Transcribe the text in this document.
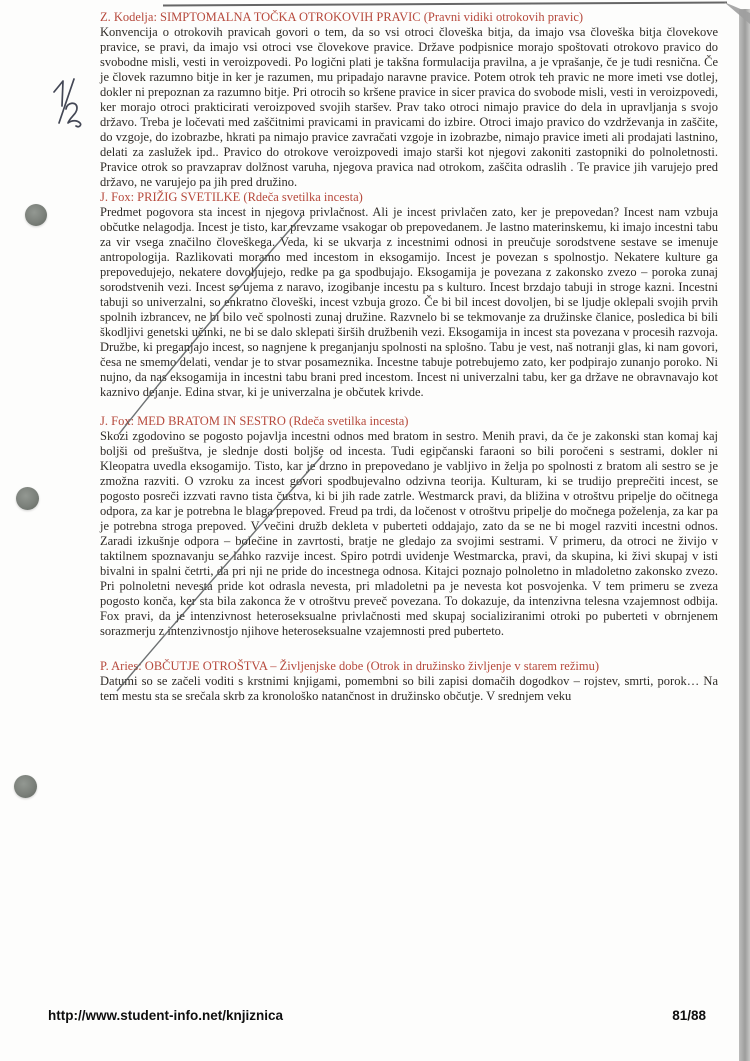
Z. Kodelja: SIMPTOMALNA TOČKA OTROKOVIH PRAVIC (Pravni vidiki otrokovih pravic)

Konvencija o otrokovih pravicah govori o tem, da so vsi otroci človeška bitja, da imajo vsa človeška bitja človekove pravice, se pravi, da imajo vsi otroci vse človekove pravice. Države podpisnice morajo spoštovati otrokovo pravico do svobodne misli, vesti in veroizpovedi. Po logični plati je takšna formulacija pravilna, a je vprašanje, če je tudi resnična. Če je človek razumno bitje in ker je razumen, mu pripadajo naravne pravice. Potem otrok teh pravic ne more imeti vse dotlej, dokler ni prepoznan za razumno bitje. Pri otrocih so kršene pravice in sicer pravica do svobode misli, vesti in veroizpovedi, ker morajo otroci prakticirati veroizpoved svojih staršev. Prav tako otroci nimajo pravice do dela in upravljanja s svojo državo. Treba je ločevati med zaščitnimi pravicami in pravicami do izbire. Otroci imajo pravico do vzdrževanja in zaščite, do vzgoje, do izobrazbe, hkrati pa nimajo pravice zavračati vzgoje in izobrazbe, nimajo pravice imeti ali prodajati lastnino, delati za zaslužek ipd.. Pravico do otrokove veroizpovedi imajo starši kot njegovi zakoniti zastopniki do polnoletnosti. Pravice otrok so pravzaprav dolžnost varuha, njegova pravica nad otrokom, zaščita odraslih . Te pravice jih varujejo pred državo, ne varujejo pa jih pred družino.

J. Fox: PRIŽIG SVETILKE (Rdeča svetilka incesta)

Predmet pogovora sta incest in njegova privlačnost. Ali je incest privlačen zato, ker je prepovedan? Incest nam vzbuja občutke nelagodja. Incest je tisto, kar prevzame vsakogar ob prepovedanem. Je lastno materinskemu, ki imajo incestni tabu za vir vsega značilno človeškega. Veda, ki se ukvarja z incestnimi odnosi in preučuje sorodstvene sestave se imenuje antropologija. Razlikovati moramo med incestom in eksogamijo. Incest je povezan s spolnostjo. Nekatere kulture ga prepovedujejo, nekatere dovoljujejo, redke pa ga spodbujajo. Eksogamija je povezana z zakonsko zvezo – poroka zunaj sorodstvenih vezi. Incest se ujema z naravo, izogibanje incestu pa s kulturo. Incest brzdajo tabuji in stroge kazni. Incestni tabuji so univerzalni, so enkratno človeški, incest vzbuja grozo. Če bi bil incest dovoljen, bi se ljudje oklepali svojih prvih spolnih izbrancev, ne bi bilo več spolnosti zunaj družine. Razvnelo bi se tekmovanje za družinske članice, posledica bi bili škodljivi genetski učinki, ne bi se dalo sklepati širših družbenih vezi. Eksogamija in incest sta povezana v procesih razvoja. Družbe, ki preganjajo incest, so nagnjene k preganjanju spolnosti na splošno. Tabu je vest, naš notranji glas, ki nam govori, česa ne smemo delati, vendar je to stvar posameznika. Incestne tabuje potrebujemo zato, ker podpirajo zunanjo poroko. Ni nujno, da nas eksogamija in incestni tabu brani pred incestom. Incest ni univerzalni tabu, ker ga države ne obravnavajo kot kaznivo dejanje. Edina stvar, ki je univerzalna je občutek krivde.

J. Fox: MED BRATOM IN SESTRO (Rdeča svetilka incesta)

Skozi zgodovino se pogosto pojavlja incestni odnos med bratom in sestro. Menih pravi, da če je zakonski stan komaj kaj boljši od prešuštva, je slednje dosti boljše od incesta. Tudi egipčanski faraoni so bili poročeni s sestrami, dokler ni Kleopatra uvedla eksogamijo. Tisto, kar je drzno in prepovedano je vabljivo in želja po spolnosti z bratom ali sestro se je zmožna razviti. O vzroku za incest govori spodbujevalno odzivna teorija. Kulturam, ki se trudijo preprečiti incest, se pogosto posreči izzvati ravno tista čustva, ki bi jih rade zatrle. Westmarck pravi, da bližina v otroštvu pripelje do očitnega odpora, za kar je potrebna le blaga prepoved. Freud pa trdi, da ločenost v otroštvu pripelje do močnega poželenja, za kar pa je potrebna stroga prepoved. V večini družb dekleta v puberteti oddajajo, zato da se ne bi mogel razviti incestni odnos. Zaradi izkušnje odpora – bolečine in zavrtosti, bratje ne gledajo za svojimi sestrami. V primeru, da otroci ne živijo v taktilnem spoznavanju se lahko razvije incest. Spiro potrdi uvidenje Westmarcka, pravi, da skupina, ki živi skupaj v isti bivalni in spalni četrti, da pri nji ne pride do incestnega odnosa. Kitajci poznajo polnoletno in mladoletno zakonsko zvezo. Pri polnoletni nevesta pride kot odrasla nevesta, pri mladoletni pa je nevesta kot posvojenka. V tem primeru se zveza pogosto konča, ker sta bila zakonca že v otroštvu preveč povezana. To dokazuje, da intenzivna telesna vzajemnost odbija. Fox pravi, da je intenzivnost heteroseksualne privlačnosti med skupaj socializiranimi otroki po puberteti v obrnjenem sorazmerju z intenzivnostjo njihove heteroseksualne vzajemnosti pred puberteto.

P. Aries: OBČUTJE OTROŠTVA – Življenjske dobe (Otrok in družinsko življenje v starem režimu)

Datumi so se začeli voditi s krstnimi knjigami, pomembni so bili zapisi domačih dogodkov – rojstev, smrti, porok… Na tem mestu sta se srečala skrb za kronološko natančnost in družinsko občutje. V srednjem veku

http://www.student-info.net/knjiznica	81/88
